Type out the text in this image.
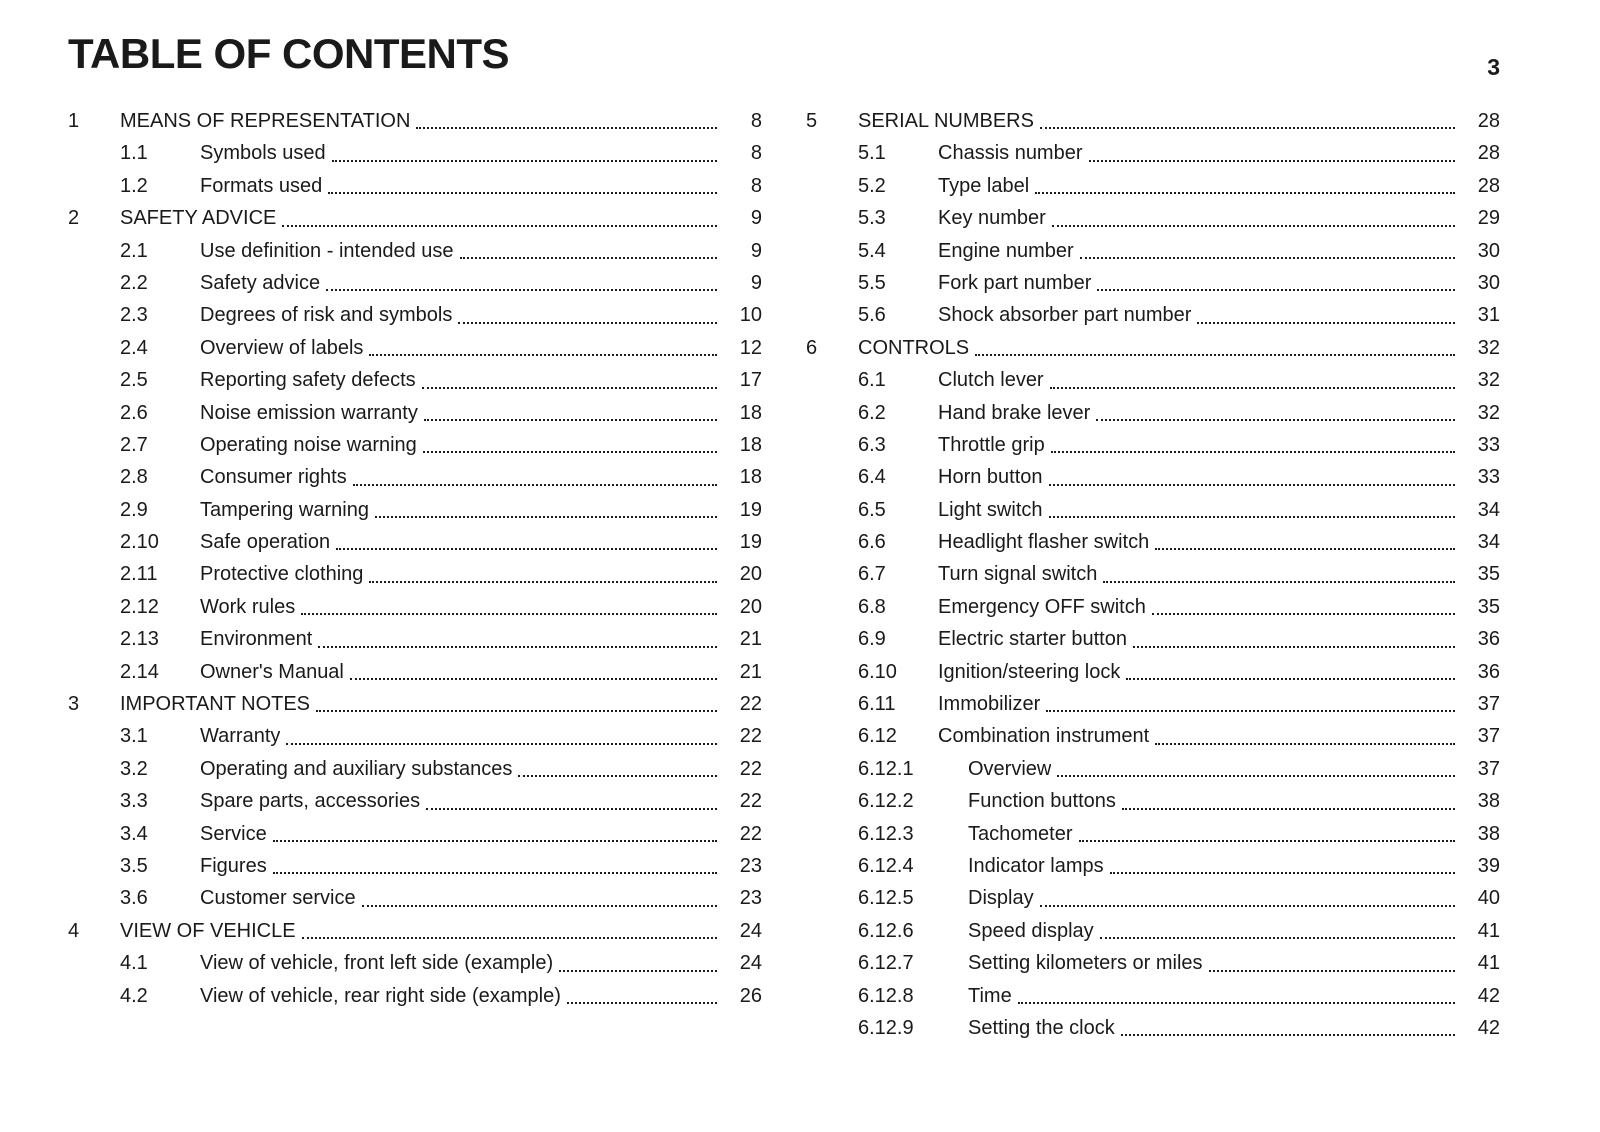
TABLE OF CONTENTS	3
1	MEANS OF REPRESENTATION	8
1.1	Symbols used	8
1.2	Formats used	8
2	SAFETY ADVICE	9
2.1	Use definition - intended use	9
2.2	Safety advice	9
2.3	Degrees of risk and symbols	10
2.4	Overview of labels	12
2.5	Reporting safety defects	17
2.6	Noise emission warranty	18
2.7	Operating noise warning	18
2.8	Consumer rights	18
2.9	Tampering warning	19
2.10	Safe operation	19
2.11	Protective clothing	20
2.12	Work rules	20
2.13	Environment	21
2.14	Owner's Manual	21
3	IMPORTANT NOTES	22
3.1	Warranty	22
3.2	Operating and auxiliary substances	22
3.3	Spare parts, accessories	22
3.4	Service	22
3.5	Figures	23
3.6	Customer service	23
4	VIEW OF VEHICLE	24
4.1	View of vehicle, front left side (example)	24
4.2	View of vehicle, rear right side (example)	26
5	SERIAL NUMBERS	28
5.1	Chassis number	28
5.2	Type label	28
5.3	Key number	29
5.4	Engine number	30
5.5	Fork part number	30
5.6	Shock absorber part number	31
6	CONTROLS	32
6.1	Clutch lever	32
6.2	Hand brake lever	32
6.3	Throttle grip	33
6.4	Horn button	33
6.5	Light switch	34
6.6	Headlight flasher switch	34
6.7	Turn signal switch	35
6.8	Emergency OFF switch	35
6.9	Electric starter button	36
6.10	Ignition/steering lock	36
6.11	Immobilizer	37
6.12	Combination instrument	37
6.12.1	Overview	37
6.12.2	Function buttons	38
6.12.3	Tachometer	38
6.12.4	Indicator lamps	39
6.12.5	Display	40
6.12.6	Speed display	41
6.12.7	Setting kilometers or miles	41
6.12.8	Time	42
6.12.9	Setting the clock	42
